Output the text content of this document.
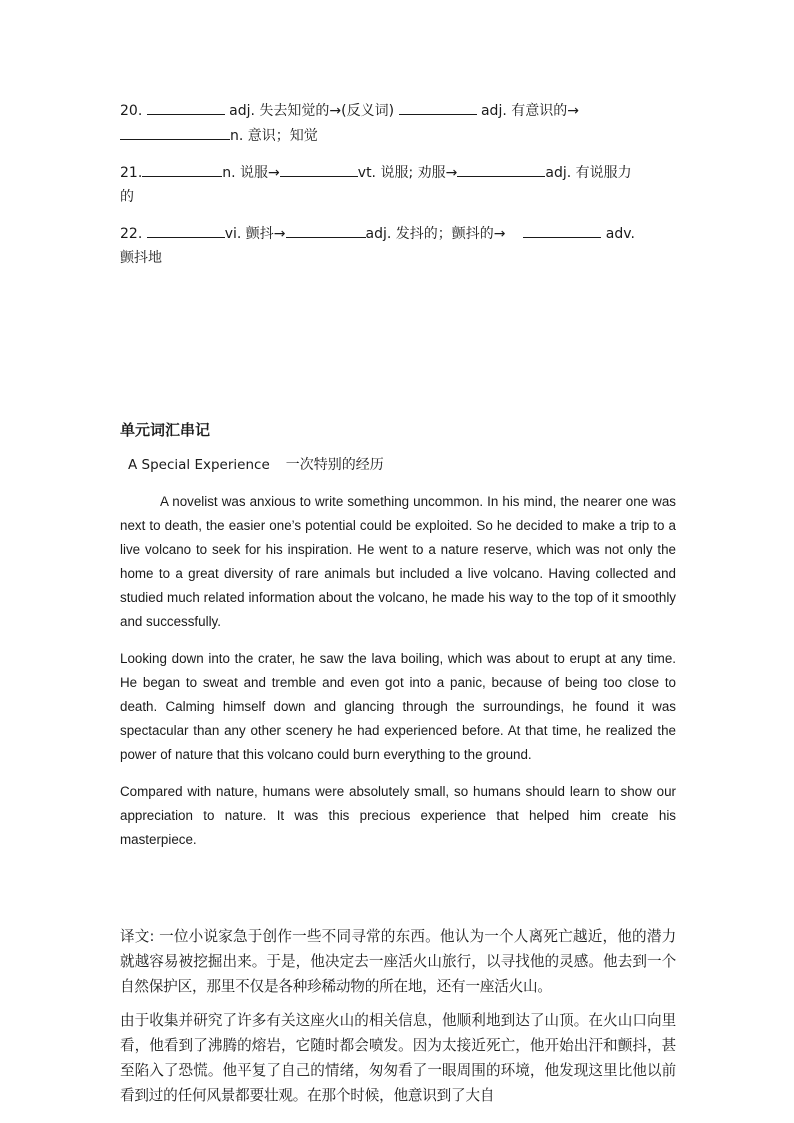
20.	adj. 失去知觉的→(反义词)	adj. 有意识的→

n. 意识；知觉

21.	n. 说服→	vt. 说服; 劝服→	adj. 有说服力

的

22.	vi. 颤抖→	adj. 发抖的；颤抖的→	adv.

颤抖地

单元词汇串记
A Special Experience 一次特别的经历

A novelist was anxious to write something uncommon. In his mind, the nearer one was next to death, the easier one’s potential could be exploited. So he decided to make a trip to a live volcano to seek for his inspiration. He went to a nature reserve, which was not only the home to a great diversity of rare animals but included a live volcano. Having collected and studied much related information about the volcano, he made his way to the top of it smoothly and successfully.

Looking down into the crater, he saw the lava boiling, which was about to erupt at any time. He began to sweat and tremble and even got into a panic, because of being too close to death. Calming himself down and glancing through the surroundings, he found it was spectacular than any other scenery he had experienced before. At that time, he realized the power of nature that this volcano could burn everything to the ground.

Compared with nature, humans were absolutely small, so humans should learn to show our appreciation to nature. It was this precious experience that helped him create his masterpiece.

译文: 一位小说家急于创作一些不同寻常的东西。他认为一个人离死亡越近，他的潜力就越容易被挖掘出来。于是，他决定去一座活火山旅行，以寻找他的灵感。他去到一个自然保护区，那里不仅是各种珍稀动物的所在地，还有一座活火山。

由于收集并研究了许多有关这座火山的相关信息，他顺利地到达了山顶。在火山口向里看，他看到了沸腾的熔岩，它随时都会喷发。因为太接近死亡，他开始出汗和颤抖，甚至陷入了恐慌。他平复了自己的情绪，匆匆看了一眼周围的环境，他发现这里比他以前看到过的任何风景都要壮观。在那个时候，他意识到了大自
